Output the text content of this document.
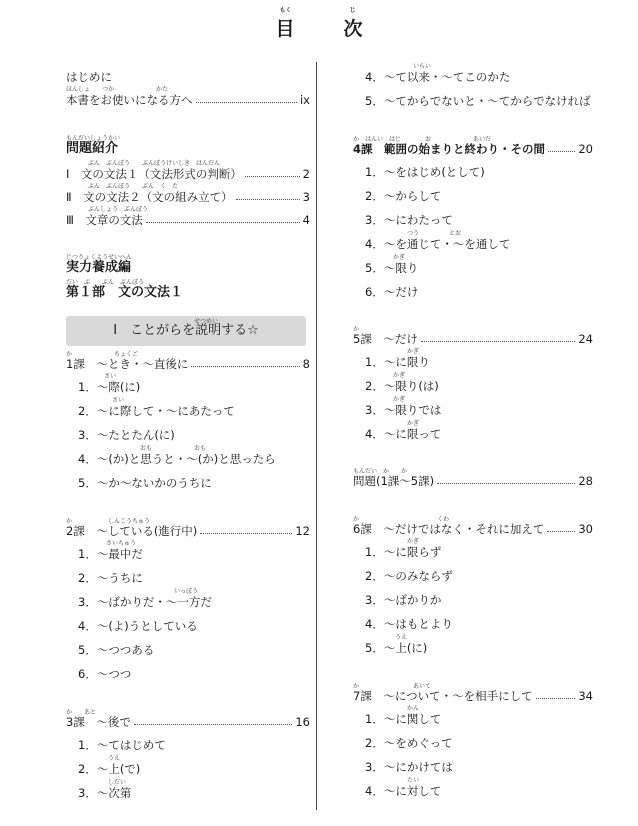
もく
目
じ
次
はじめに
ほんしょ　　つか　　　　　　　かた
本書をお使いになる方へ	ix
もんだいしょうかい
問題紹介
ぶん　ぶんぽう　　ぶんぽうけいしき　はんだん
Ⅰ　文の文法１（文法形式の判断）	2
ぶん　ぶんぽう　　ぶん　く　た
Ⅱ　文の文法２（文の組み立て）	3
ぶんしょう　ぶんぽう
Ⅲ　文章の文法	4
じつりょくようせいへん
実力養成編
だい　ぶ　　ぶん　ぶんぽう
第１部　文の文法１
せつめい
Ⅰ　ことがらを説明する☆
か　　　　　　　ちょくご
1課　〜とき・〜直後に	8
さい
1．〜際(に)
さい
2．〜に際して・〜にあたって
3．〜たとたん(に)
おも　　　　　　　おも
4．〜(か)と思うと・〜(か)と思ったら
5．〜か〜ないかのうちに
か　　　　　　しんこうちゅう
2課　〜している(進行中)	12
さいちゅう
1．〜最中だ
2．〜うちに
いっぽう
3．〜ばかりだ・〜一方だ
4．〜(よ)うとしている
5．〜つつある
6．〜つつ
か　　あと
3課　〜後で	16
1．〜てはじめて
うえ
2．〜上(で)
しだい
3．〜次第
いらい
4．〜て以来・〜てこのかた
5．〜てからでないと・〜てからでなければ
か　はんい　はじ　　　　お　　　　　　　あいだ
4課　範囲の始まりと終わり・その間	20
1．〜をはじめ(として)
2．〜からして
3．〜にわたって
つう　　　　　とお
4．〜を通じて・〜を通して
かぎ
5．〜限り
6．〜だけ
か
5課　〜だけ	24
かぎ
1．〜に限り
かぎ
2．〜限り(は)
かぎ
3．〜限りでは
かぎ
4．〜に限って
もんだい　か　　か
問題(1課〜5課)	28
か　　　　　　　　　　　　　くわ
6課　〜だけではなく・それに加えて	30
かぎ
1．〜に限らず
2．〜のみならず
3．〜ばかりか
4．〜はもとより
うえ
5．〜上(に)
か　　　　　　　　　あいて
7課　〜について・〜を相手にして	34
かん
1．〜に関して
2．〜をめぐって
3．〜にかけては
たい
4．〜に対して
